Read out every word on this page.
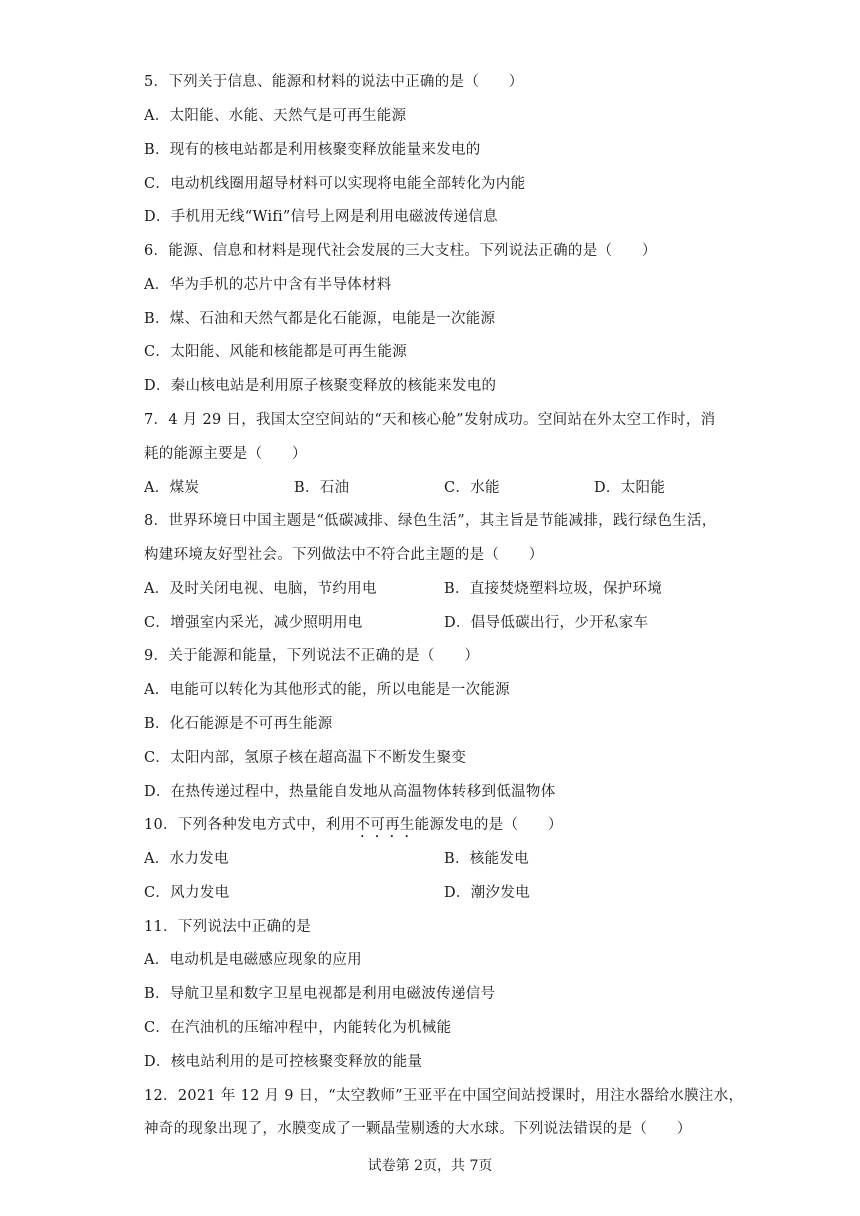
5．下列关于信息、能源和材料的说法中正确的是（　　）
A．太阳能、水能、天然气是可再生能源
B．现有的核电站都是利用核聚变释放能量来发电的
C．电动机线圈用超导材料可以实现将电能全部转化为内能
D．手机用无线“Wifi”信号上网是利用电磁波传递信息
6．能源、信息和材料是现代社会发展的三大支柱。下列说法正确的是（　　）
A．华为手机的芯片中含有半导体材料
B．煤、石油和天然气都是化石能源，电能是一次能源
C．太阳能、风能和核能都是可再生能源
D．秦山核电站是利用原子核聚变释放的核能来发电的
7．4 月 29 日，我国太空空间站的“天和核心舱”发射成功。空间站在外太空工作时，消
耗的能源主要是（　　）
A．煤炭	B．石油	C．水能	D．太阳能
8．世界环境日中国主题是“低碳减排、绿色生活”，其主旨是节能减排，践行绿色生活，
构建环境友好型社会。下列做法中不符合此主题的是（　　）
A．及时关闭电视、电脑，节约用电	B．直接焚烧塑料垃圾，保护环境
C．增强室内采光，减少照明用电	D．倡导低碳出行，少开私家车
9．关于能源和能量，下列说法不正确的是（　　）
A．电能可以转化为其他形式的能，所以电能是一次能源
B．化石能源是不可再生能源
C．太阳内部，氢原子核在超高温下不断发生聚变
D．在热传递过程中，热量能自发地从高温物体转移到低温物体
10．下列各种发电方式中，利用不可再生能源发电的是（　　）
A．水力发电	B．核能发电
C．风力发电	D．潮汐发电
11．下列说法中正确的是
A．电动机是电磁感应现象的应用
B．导航卫星和数字卫星电视都是利用电磁波传递信号
C．在汽油机的压缩冲程中，内能转化为机械能
D．核电站利用的是可控核聚变释放的能量
12．2021 年 12 月 9 日，“太空教师”王亚平在中国空间站授课时，用注水器给水膜注水，
神奇的现象出现了，水膜变成了一颗晶莹剔透的大水球。下列说法错误的是（　　）
试卷第 2页，共 7页
